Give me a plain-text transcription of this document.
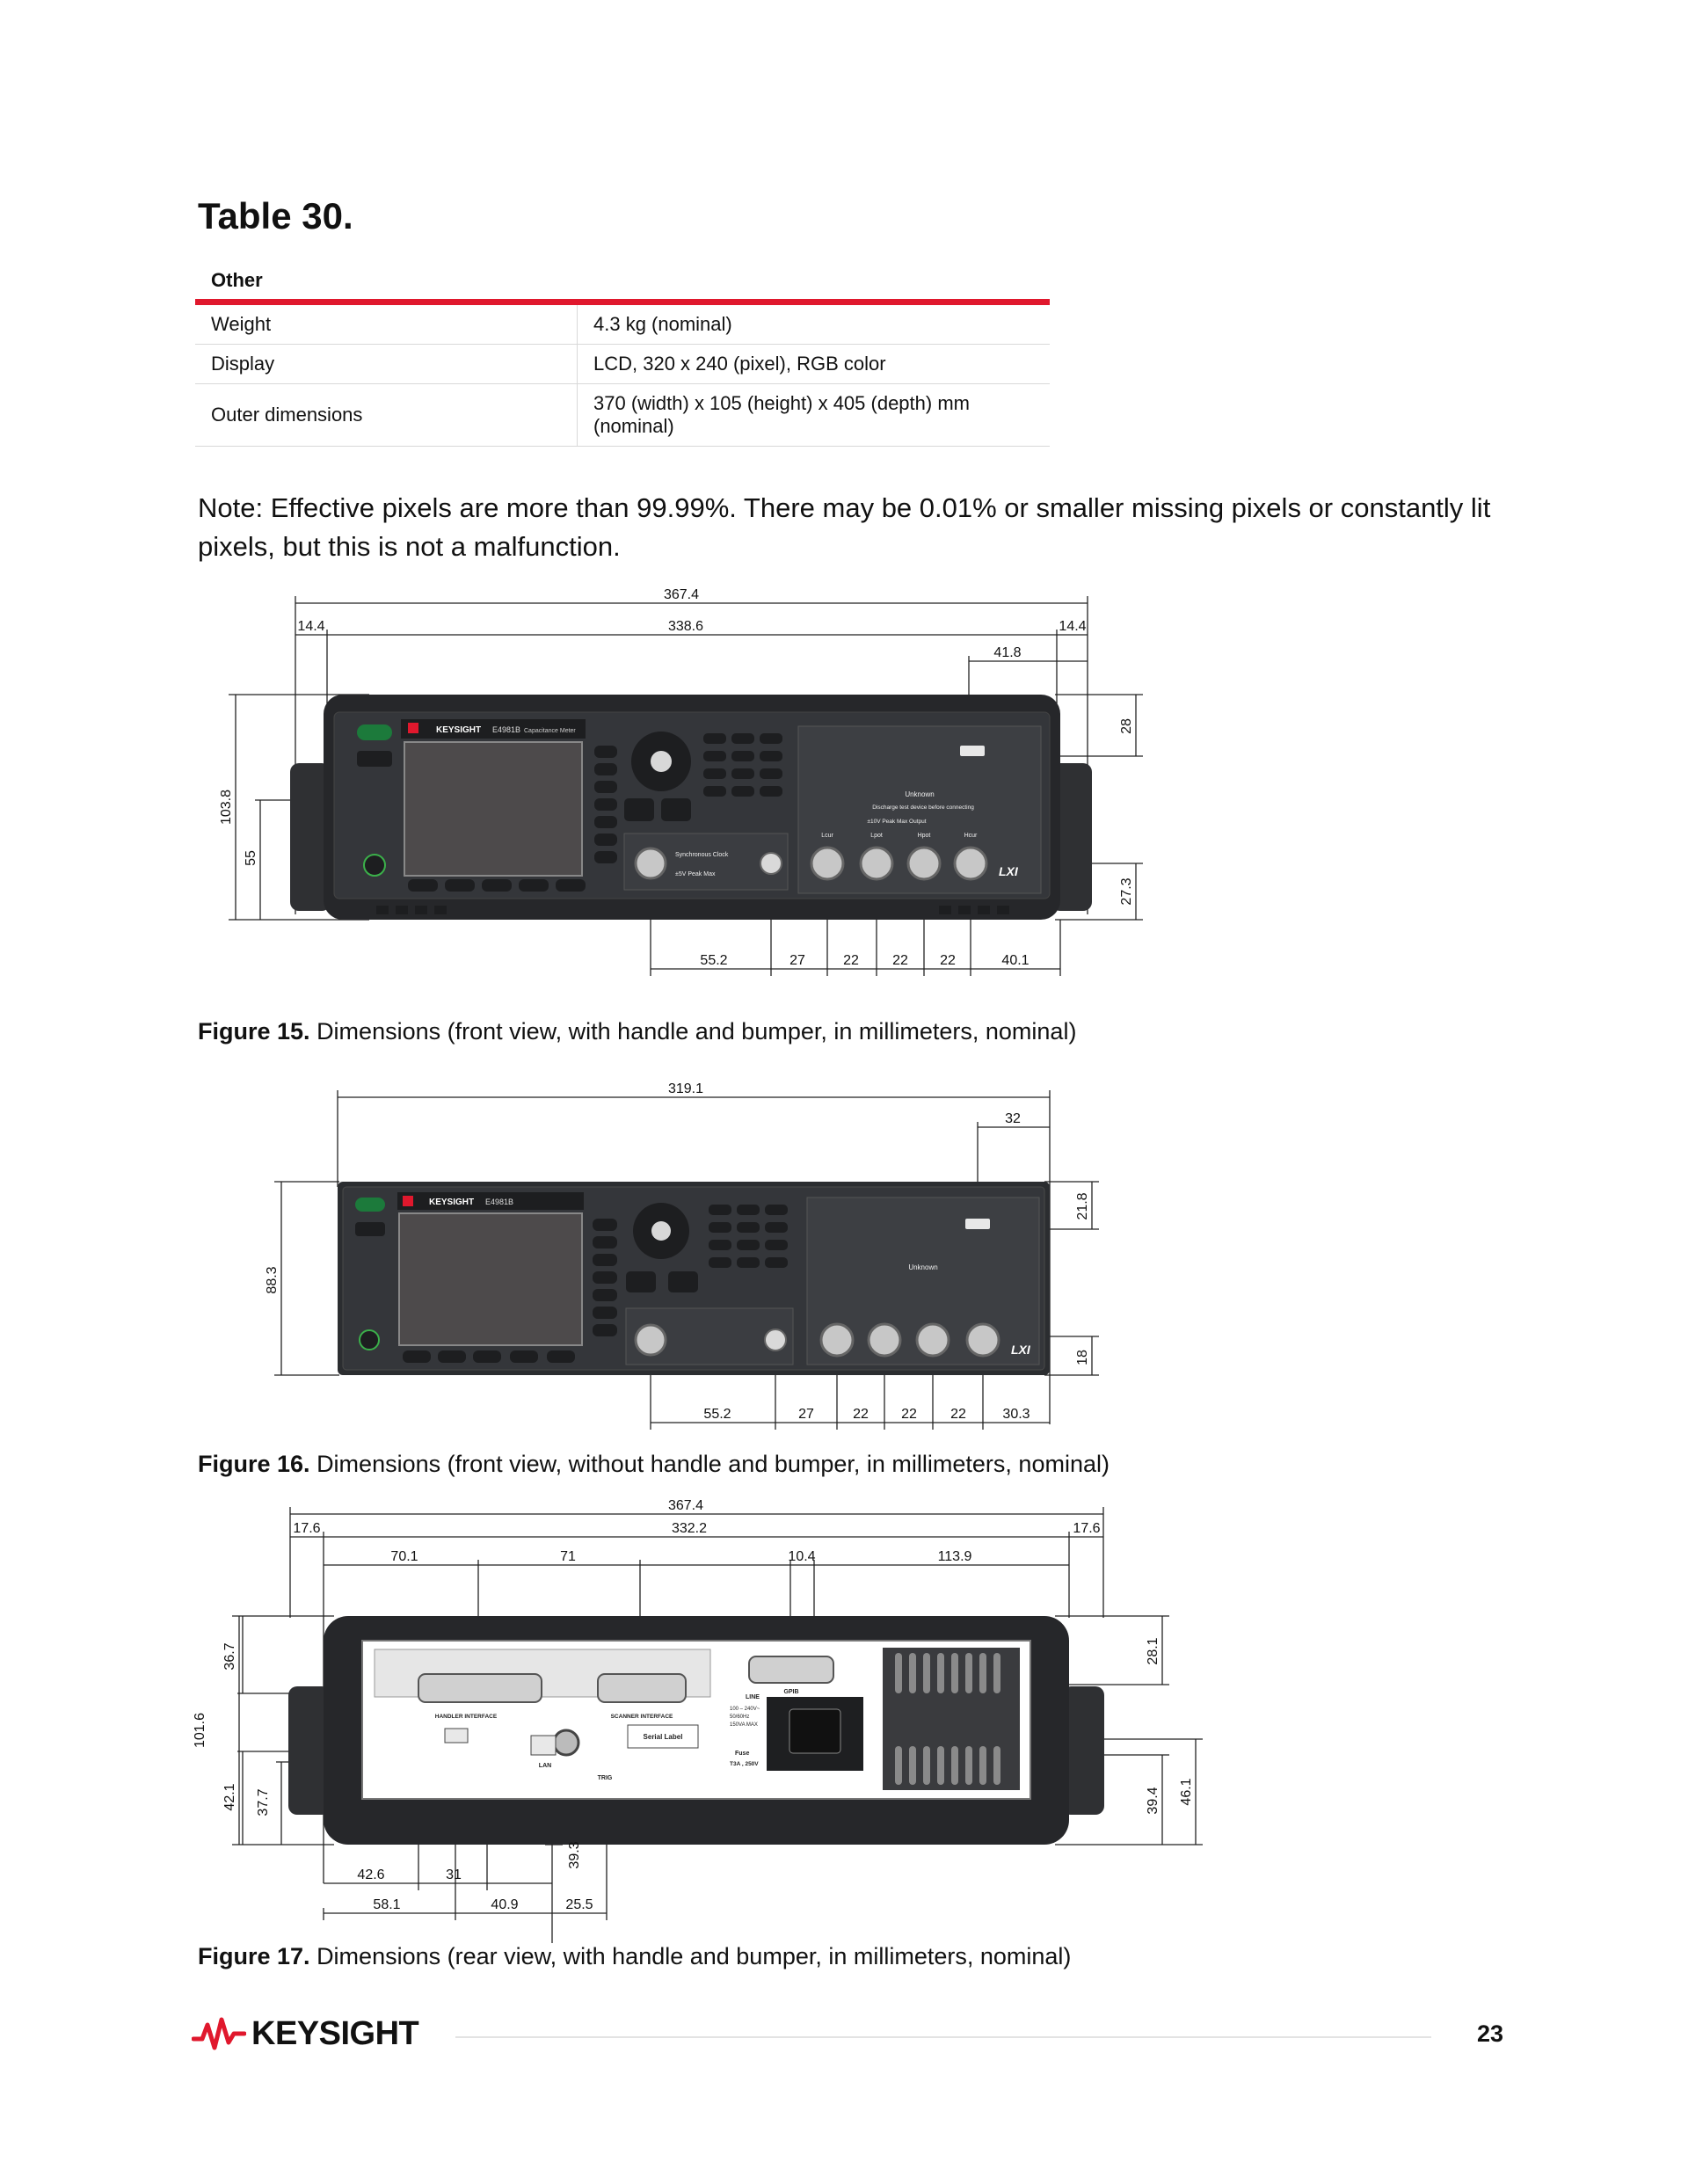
Table 30.
Other	
Weight	4.3 kg (nominal)
Display	LCD, 320 x 240 (pixel), RGB color
Outer dimensions	370 (width) x 105 (height) x 405 (depth) mm (nominal)
Note: Effective pixels are more than 99.99%. There may be 0.01% or smaller missing pixels or constantly lit pixels, but this is not a malfunction.
KEYSIGHT E4981B Capacitance Meter
Unknown
Discharge test device before connecting
±10V Peak Max Output
Lcur	Lpot	Hpot	Hcur
LXI
Synchronous Clock
±5V Peak Max
367.4
14.4	338.6	14.4
41.8
103.8
55
28
27.3
55.2	27	22 22 22	40.1
Figure 15. Dimensions (front view, with handle and bumper, in millimeters, nominal)
KEYSIGHT E4981B
Unknown
LXI
319.1
32
88.3
21.8
18
55.2	27	22 22 22	30.3
Figure 16. Dimensions (front view, without handle and bumper, in millimeters, nominal)
HANDLER INTERFACE	SCANNER INTERFACE
GPIB
LINE
100 – 240V~
50/60Hz
150VA MAX
Serial Label
LAN
TRIG
Fuse
T3A , 250V
367.4
17.6	332.2	17.6
70.1	71	10.4	113.9
36.7
101.6
42.1 37.7
28.1
39.4 46.1
42.6	31
39.3
58.1	40.9	25.5
Figure 17. Dimensions (rear view, with handle and bumper, in millimeters, nominal)
KEYSIGHT	23
